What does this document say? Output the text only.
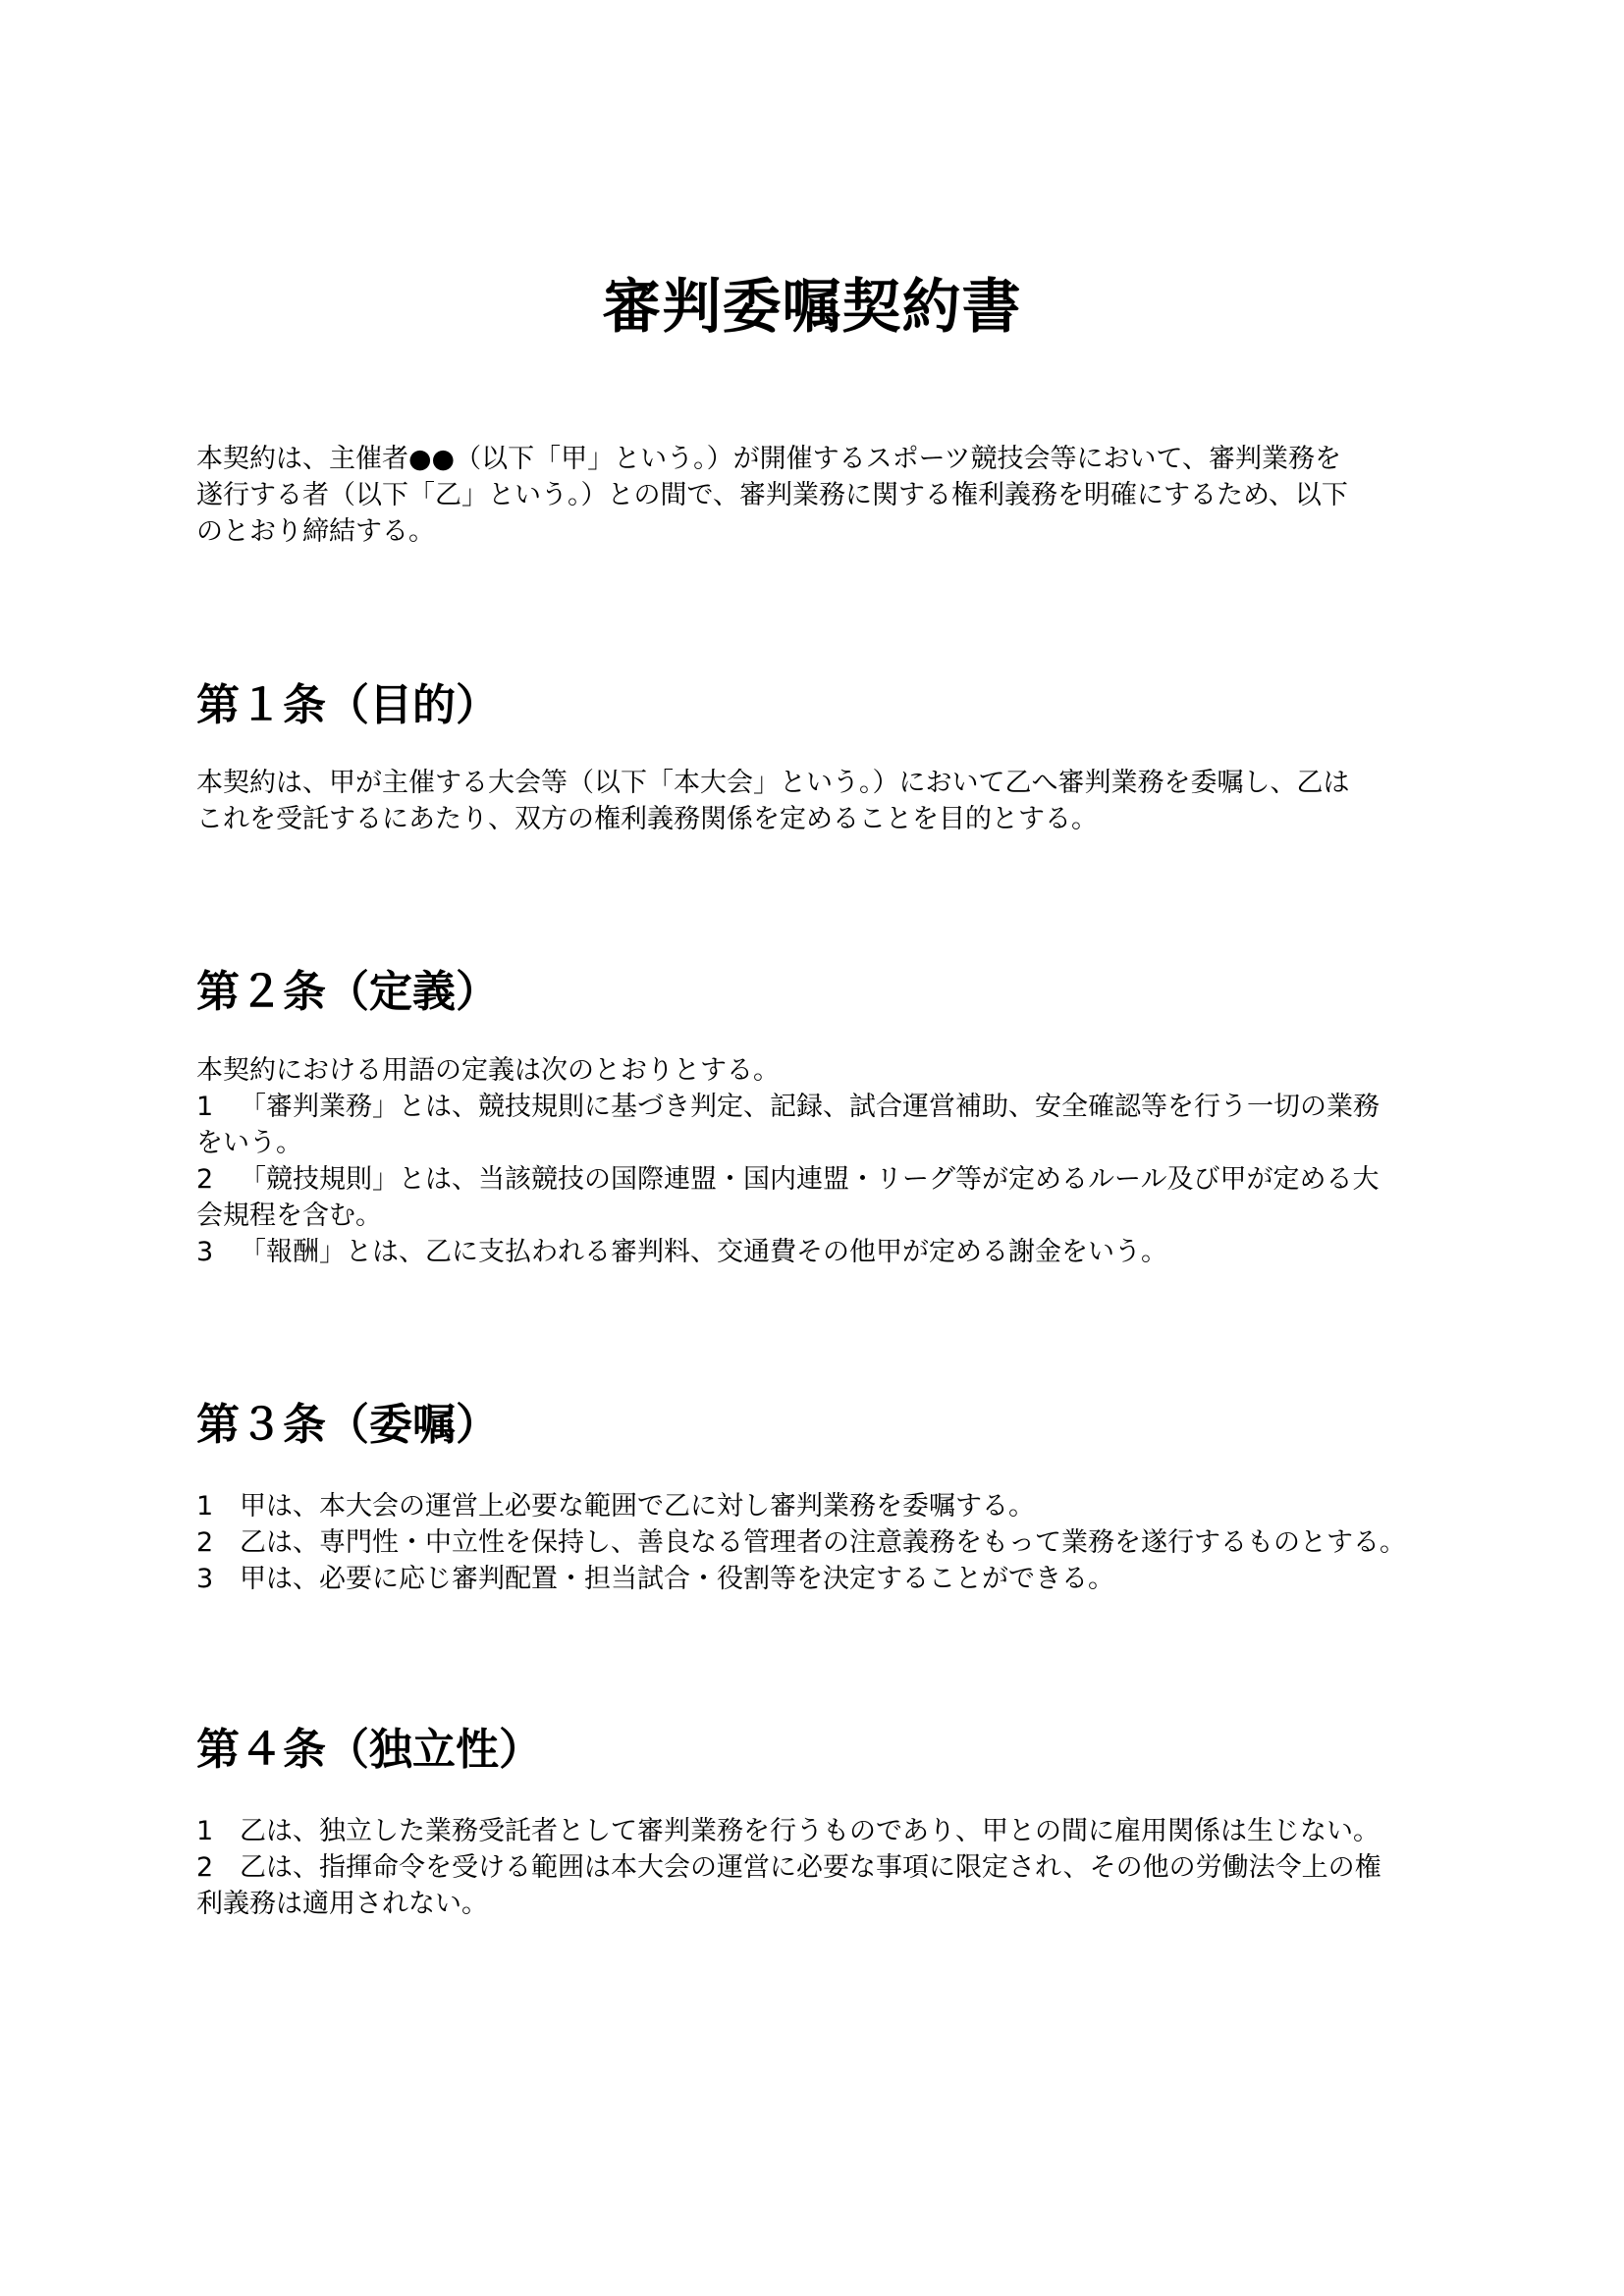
審判委嘱契約書
本契約は、主催者●●（以下「甲」という。）が開催するスポーツ競技会等において、審判業務を
遂行する者（以下「乙」という。）との間で、審判業務に関する権利義務を明確にするため、以下
のとおり締結する。
第１条（目的）
本契約は、甲が主催する大会等（以下「本大会」という。）において乙へ審判業務を委嘱し、乙は
これを受託するにあたり、双方の権利義務関係を定めることを目的とする。
第２条（定義）
本契約における用語の定義は次のとおりとする。
1 「審判業務」とは、競技規則に基づき判定、記録、試合運営補助、安全確認等を行う一切の業務
をいう。
2 「競技規則」とは、当該競技の国際連盟・国内連盟・リーグ等が定めるルール及び甲が定める大
会規程を含む。
3 「報酬」とは、乙に支払われる審判料、交通費その他甲が定める謝金をいう。
第３条（委嘱）
1 甲は、本大会の運営上必要な範囲で乙に対し審判業務を委嘱する。
2 乙は、専門性・中立性を保持し、善良なる管理者の注意義務をもって業務を遂行するものとする。
3 甲は、必要に応じ審判配置・担当試合・役割等を決定することができる。
第４条（独立性）
1 乙は、独立した業務受託者として審判業務を行うものであり、甲との間に雇用関係は生じない。
2 乙は、指揮命令を受ける範囲は本大会の運営に必要な事項に限定され、その他の労働法令上の権
利義務は適用されない。
